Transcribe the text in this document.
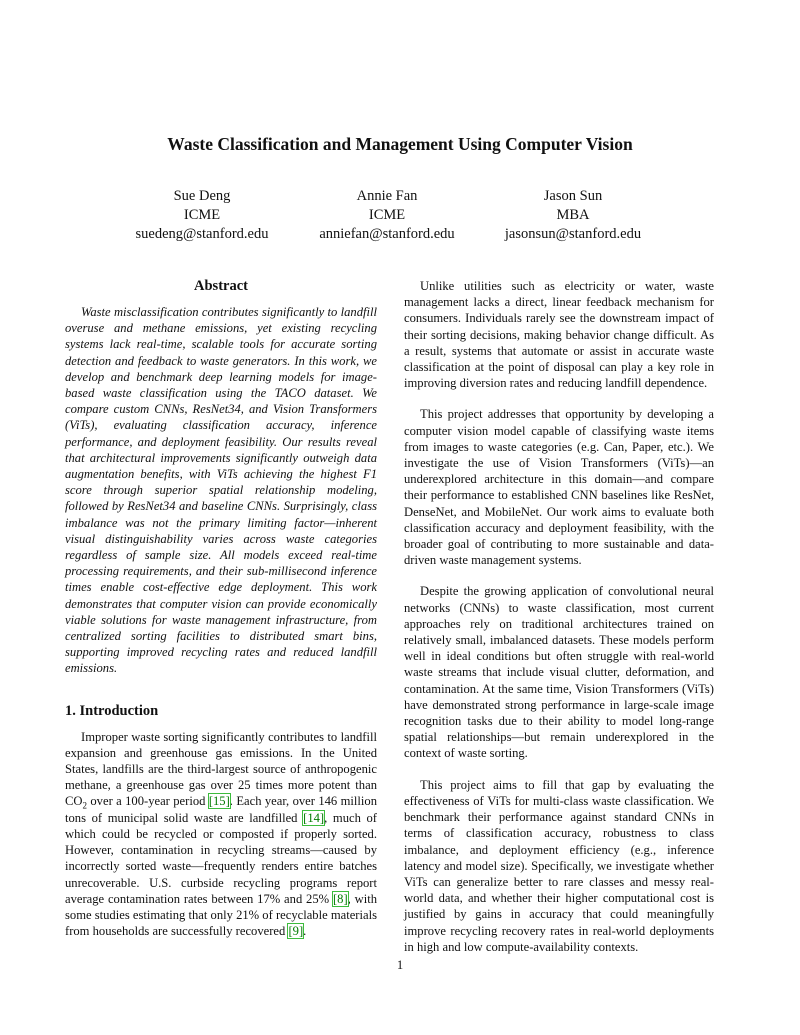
Waste Classification and Management Using Computer Vision
Sue Deng
ICME
suedeng@stanford.edu
Annie Fan
ICME
anniefan@stanford.edu
Jason Sun
MBA
jasonsun@stanford.edu
Abstract

Waste misclassification contributes significantly to landfill overuse and methane emissions, yet existing recycling systems lack real-time, scalable tools for accurate sorting detection and feedback to waste generators. In this work, we develop and benchmark deep learning models for image-based waste classification using the TACO dataset. We compare custom CNNs, ResNet34, and Vision Transformers (ViTs), evaluating classification accuracy, inference performance, and deployment feasibility. Our results reveal that architectural improvements significantly outweigh data augmentation benefits, with ViTs achieving the highest F1 score through superior spatial relationship modeling, followed by ResNet34 and baseline CNNs. Surprisingly, class imbalance was not the primary limiting factor—inherent visual distinguishability varies across waste categories regardless of sample size. All models exceed real-time processing requirements, and their sub-millisecond inference times enable cost-effective edge deployment. This work demonstrates that computer vision can provide economically viable solutions for waste management infrastructure, from centralized sorting facilities to distributed smart bins, supporting improved recycling rates and reduced landfill emissions.

1. Introduction

Improper waste sorting significantly contributes to landfill expansion and greenhouse gas emissions. In the United States, landfills are the third-largest source of anthropogenic methane, a greenhouse gas over 25 times more potent than $CO_2$ over a 100-year period [15]. Each year, over 146 million tons of municipal solid waste are landfilled [14], much of which could be recycled or composted if properly sorted. However, contamination in recycling streams—caused by incorrectly sorted waste—frequently renders entire batches unrecoverable. U.S. curbside recycling programs report average contamination rates between 17% and 25% [8], with some studies estimating that only 21% of recyclable materials from households are successfully recovered [9].

Unlike utilities such as electricity or water, waste management lacks a direct, linear feedback mechanism for consumers. Individuals rarely see the downstream impact of their sorting decisions, making behavior change difficult. As a result, systems that automate or assist in accurate waste classification at the point of disposal can play a key role in improving diversion rates and reducing landfill dependence.

This project addresses that opportunity by developing a computer vision model capable of classifying waste items from images to waste categories (e.g. Can, Paper, etc.). We investigate the use of Vision Transformers (ViTs)—an underexplored architecture in this domain—and compare their performance to established CNN baselines like ResNet, DenseNet, and MobileNet. Our work aims to evaluate both classification accuracy and deployment feasibility, with the broader goal of contributing to more sustainable and data-driven waste management systems.

Despite the growing application of convolutional neural networks (CNNs) to waste classification, most current approaches rely on traditional architectures trained on relatively small, imbalanced datasets. These models perform well in ideal conditions but often struggle with real-world waste streams that include visual clutter, deformation, and contamination. At the same time, Vision Transformers (ViTs) have demonstrated strong performance in large-scale image recognition tasks due to their ability to model long-range spatial relationships—but remain underexplored in the context of waste sorting.

This project aims to fill that gap by evaluating the effectiveness of ViTs for multi-class waste classification. We benchmark their performance against standard CNNs in terms of classification accuracy, robustness to class imbalance, and deployment efficiency (e.g., inference latency and model size). Specifically, we investigate whether ViTs can generalize better to rare classes and messy real-world data, and whether their higher computational cost is justified by gains in accuracy that could meaningfully improve recycling recovery rates in real-world deployments in high and low compute-availability contexts.

1
